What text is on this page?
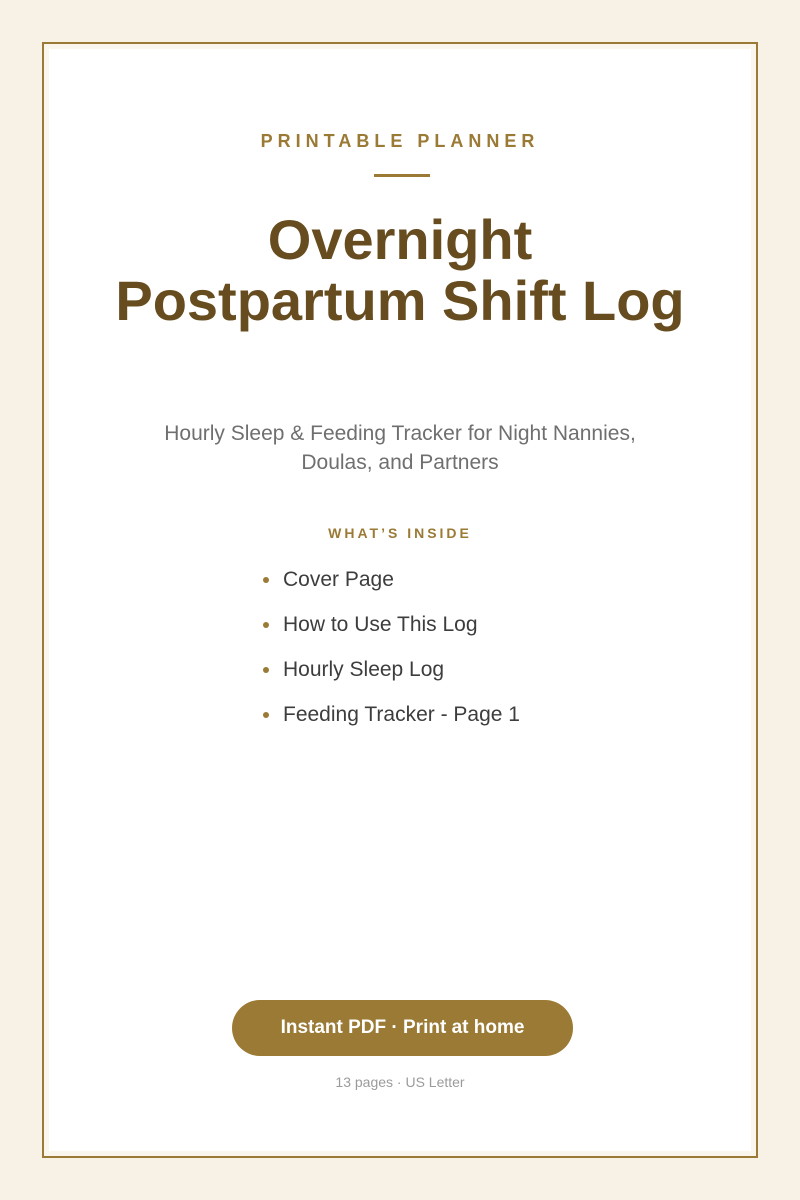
PRINTABLE PLANNER
Overnight Postpartum Shift Log
Hourly Sleep & Feeding Tracker for Night Nannies, Doulas, and Partners
WHAT’S INSIDE
Cover Page
How to Use This Log
Hourly Sleep Log
Feeding Tracker - Page 1
Instant PDF · Print at home
13 pages · US Letter
